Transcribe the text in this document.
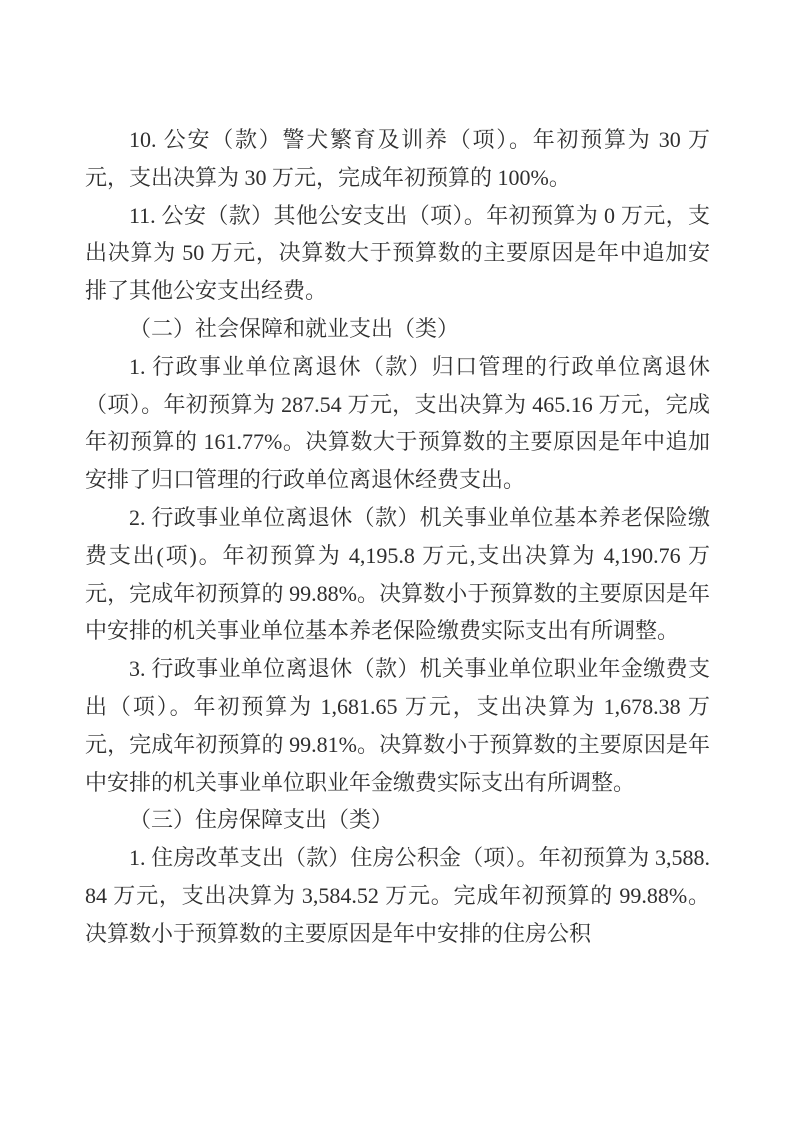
10. 公安（款）警犬繁育及训养（项）。年初预算为 30 万元，支出决算为 30 万元，完成年初预算的 100%。

11. 公安（款）其他公安支出（项）。年初预算为 0 万元，支出决算为 50 万元，决算数大于预算数的主要原因是年中追加安排了其他公安支出经费。

（二）社会保障和就业支出（类）

1. 行政事业单位离退休（款）归口管理的行政单位离退休（项）。年初预算为 287.54 万元，支出决算为 465.16 万元，完成年初预算的 161.77%。决算数大于预算数的主要原因是年中追加安排了归口管理的行政单位离退休经费支出。

2. 行政事业单位离退休（款）机关事业单位基本养老保险缴费支出(项)。年初预算为 4,195.8 万元,支出决算为 4,190.76 万元，完成年初预算的 99.88%。决算数小于预算数的主要原因是年中安排的机关事业单位基本养老保险缴费实际支出有所调整。

3. 行政事业单位离退休（款）机关事业单位职业年金缴费支出（项）。年初预算为 1,681.65 万元，支出决算为 1,678.38 万元，完成年初预算的 99.81%。决算数小于预算数的主要原因是年中安排的机关事业单位职业年金缴费实际支出有所调整。

（三）住房保障支出（类）

1. 住房改革支出（款）住房公积金（项）。年初预算为 3,588.84 万元，支出决算为 3,584.52 万元。完成年初预算的 99.88%。决算数小于预算数的主要原因是年中安排的住房公积
